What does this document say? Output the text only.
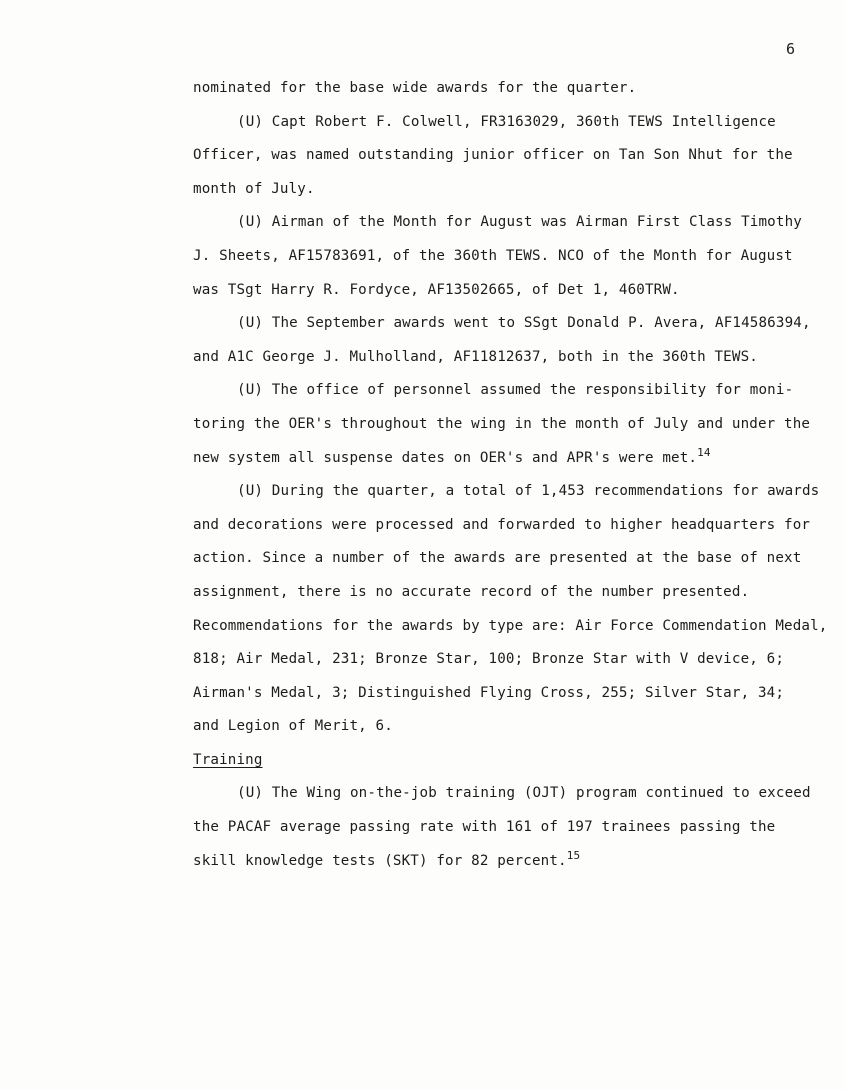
6
nominated for the base wide awards for the quarter.
(U) Capt Robert F. Colwell, FR3163029, 360th TEWS Intelligence
Officer, was named outstanding junior officer on Tan Son Nhut for the
month of July.
(U) Airman of the Month for August was Airman First Class Timothy
J. Sheets, AF15783691, of the 360th TEWS. NCO of the Month for August
was TSgt Harry R. Fordyce, AF13502665, of Det 1, 460TRW.
(U) The September awards went to SSgt Donald P. Avera, AF14586394,
and A1C George J. Mulholland, AF11812637, both in the 360th TEWS.
(U) The office of personnel assumed the responsibility for moni-
toring the OER's throughout the wing in the month of July and under the
new system all suspense dates on OER's and APR's were met.$^{14}$
(U) During the quarter, a total of 1,453 recommendations for awards
and decorations were processed and forwarded to higher headquarters for
action. Since a number of the awards are presented at the base of next
assignment, there is no accurate record of the number presented.
Recommendations for the awards by type are: Air Force Commendation Medal,
818; Air Medal, 231; Bronze Star, 100; Bronze Star with V device, 6;
Airman's Medal, 3; Distinguished Flying Cross, 255; Silver Star, 34;
and Legion of Merit, 6.
Training
(U) The Wing on-the-job training (OJT) program continued to exceed
the PACAF average passing rate with 161 of 197 trainees passing the
skill knowledge tests (SKT) for 82 percent.$^{15}$
